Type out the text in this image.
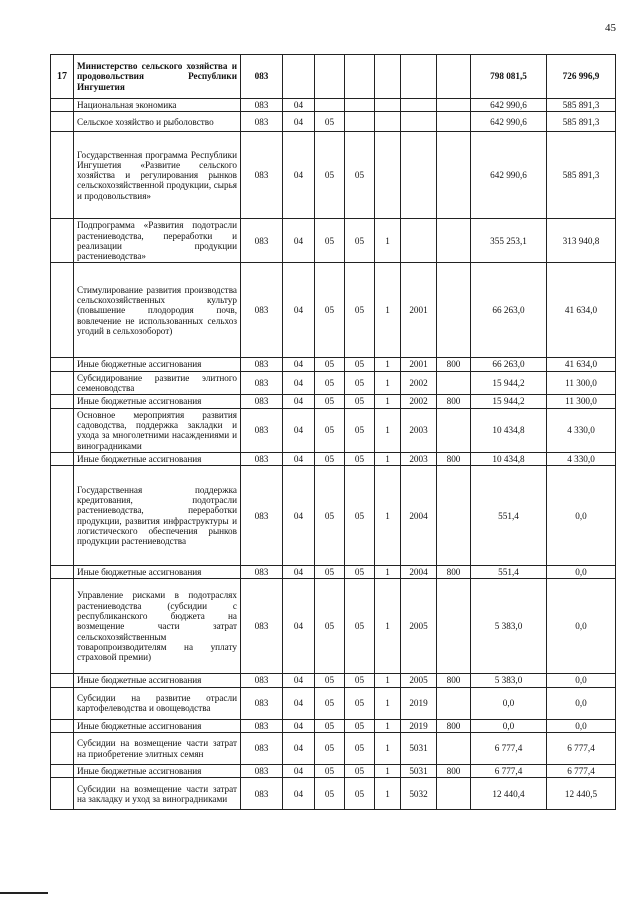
45
17	Министерство сельского хозяйства и продовольствия Республики Ингушетия	083							798 081,5	726 996,9
	Национальная экономика	083	04						642 990,6	585 891,3
	Сельское хозяйство и рыболовство	083	04	05					642 990,6	585 891,3
	Государственная программа Республики Ингушетия «Развитие сельского хозяйства и регулирования рынков сельскохозяйственной продукции, сырья и продовольствия»	083	04	05	05				642 990,6	585 891,3
	Подпрограмма «Развития подотрасли растениеводства, переработки и реализации продукции растениеводства»	083	04	05	05	1			355 253,1	313 940,8
	Стимулирование развития производства сельскохозяйственных культур (повышение плодородия почв, вовлечение не использованных сельхоз угодий в сельхозоборот)	083	04	05	05	1	2001		66 263,0	41 634,0
	Иные бюджетные ассигнования	083	04	05	05	1	2001	800	66 263,0	41 634,0
	Субсидирование развитие элитного семеноводства	083	04	05	05	1	2002		15 944,2	11 300,0
	Иные бюджетные ассигнования	083	04	05	05	1	2002	800	15 944,2	11 300,0
	Основное мероприятия развития садоводства, поддержка закладки и ухода за многолетними насаждениями и виноградниками	083	04	05	05	1	2003		10 434,8	4 330,0
	Иные бюджетные ассигнования	083	04	05	05	1	2003	800	10 434,8	4 330,0
	Государственная поддержка кредитования, подотрасли растениеводства, переработки продукции, развития инфраструктуры и логистического обеспечения рынков продукции растениеводства	083	04	05	05	1	2004		551,4	0,0
	Иные бюджетные ассигнования	083	04	05	05	1	2004	800	551,4	0,0
	Управление рисками в подотраслях растениеводства (субсидии с республиканского бюджета на возмещение части затрат сельскохозяйственным товаропроизводителям на уплату страховой премии)	083	04	05	05	1	2005		5 383,0	0,0
	Иные бюджетные ассигнования	083	04	05	05	1	2005	800	5 383,0	0,0
	Субсидии на развитие отрасли картофелеводства и овощеводства	083	04	05	05	1	2019		0,0	0,0
	Иные бюджетные ассигнования	083	04	05	05	1	2019	800	0,0	0,0
	Субсидии на возмещение части затрат на приобретение элитных семян	083	04	05	05	1	5031		6 777,4	6 777,4
	Иные бюджетные ассигнования	083	04	05	05	1	5031	800	6 777,4	6 777,4
	Субсидии на возмещение части затрат на закладку и уход за виноградниками	083	04	05	05	1	5032		12 440,4	12 440,5
